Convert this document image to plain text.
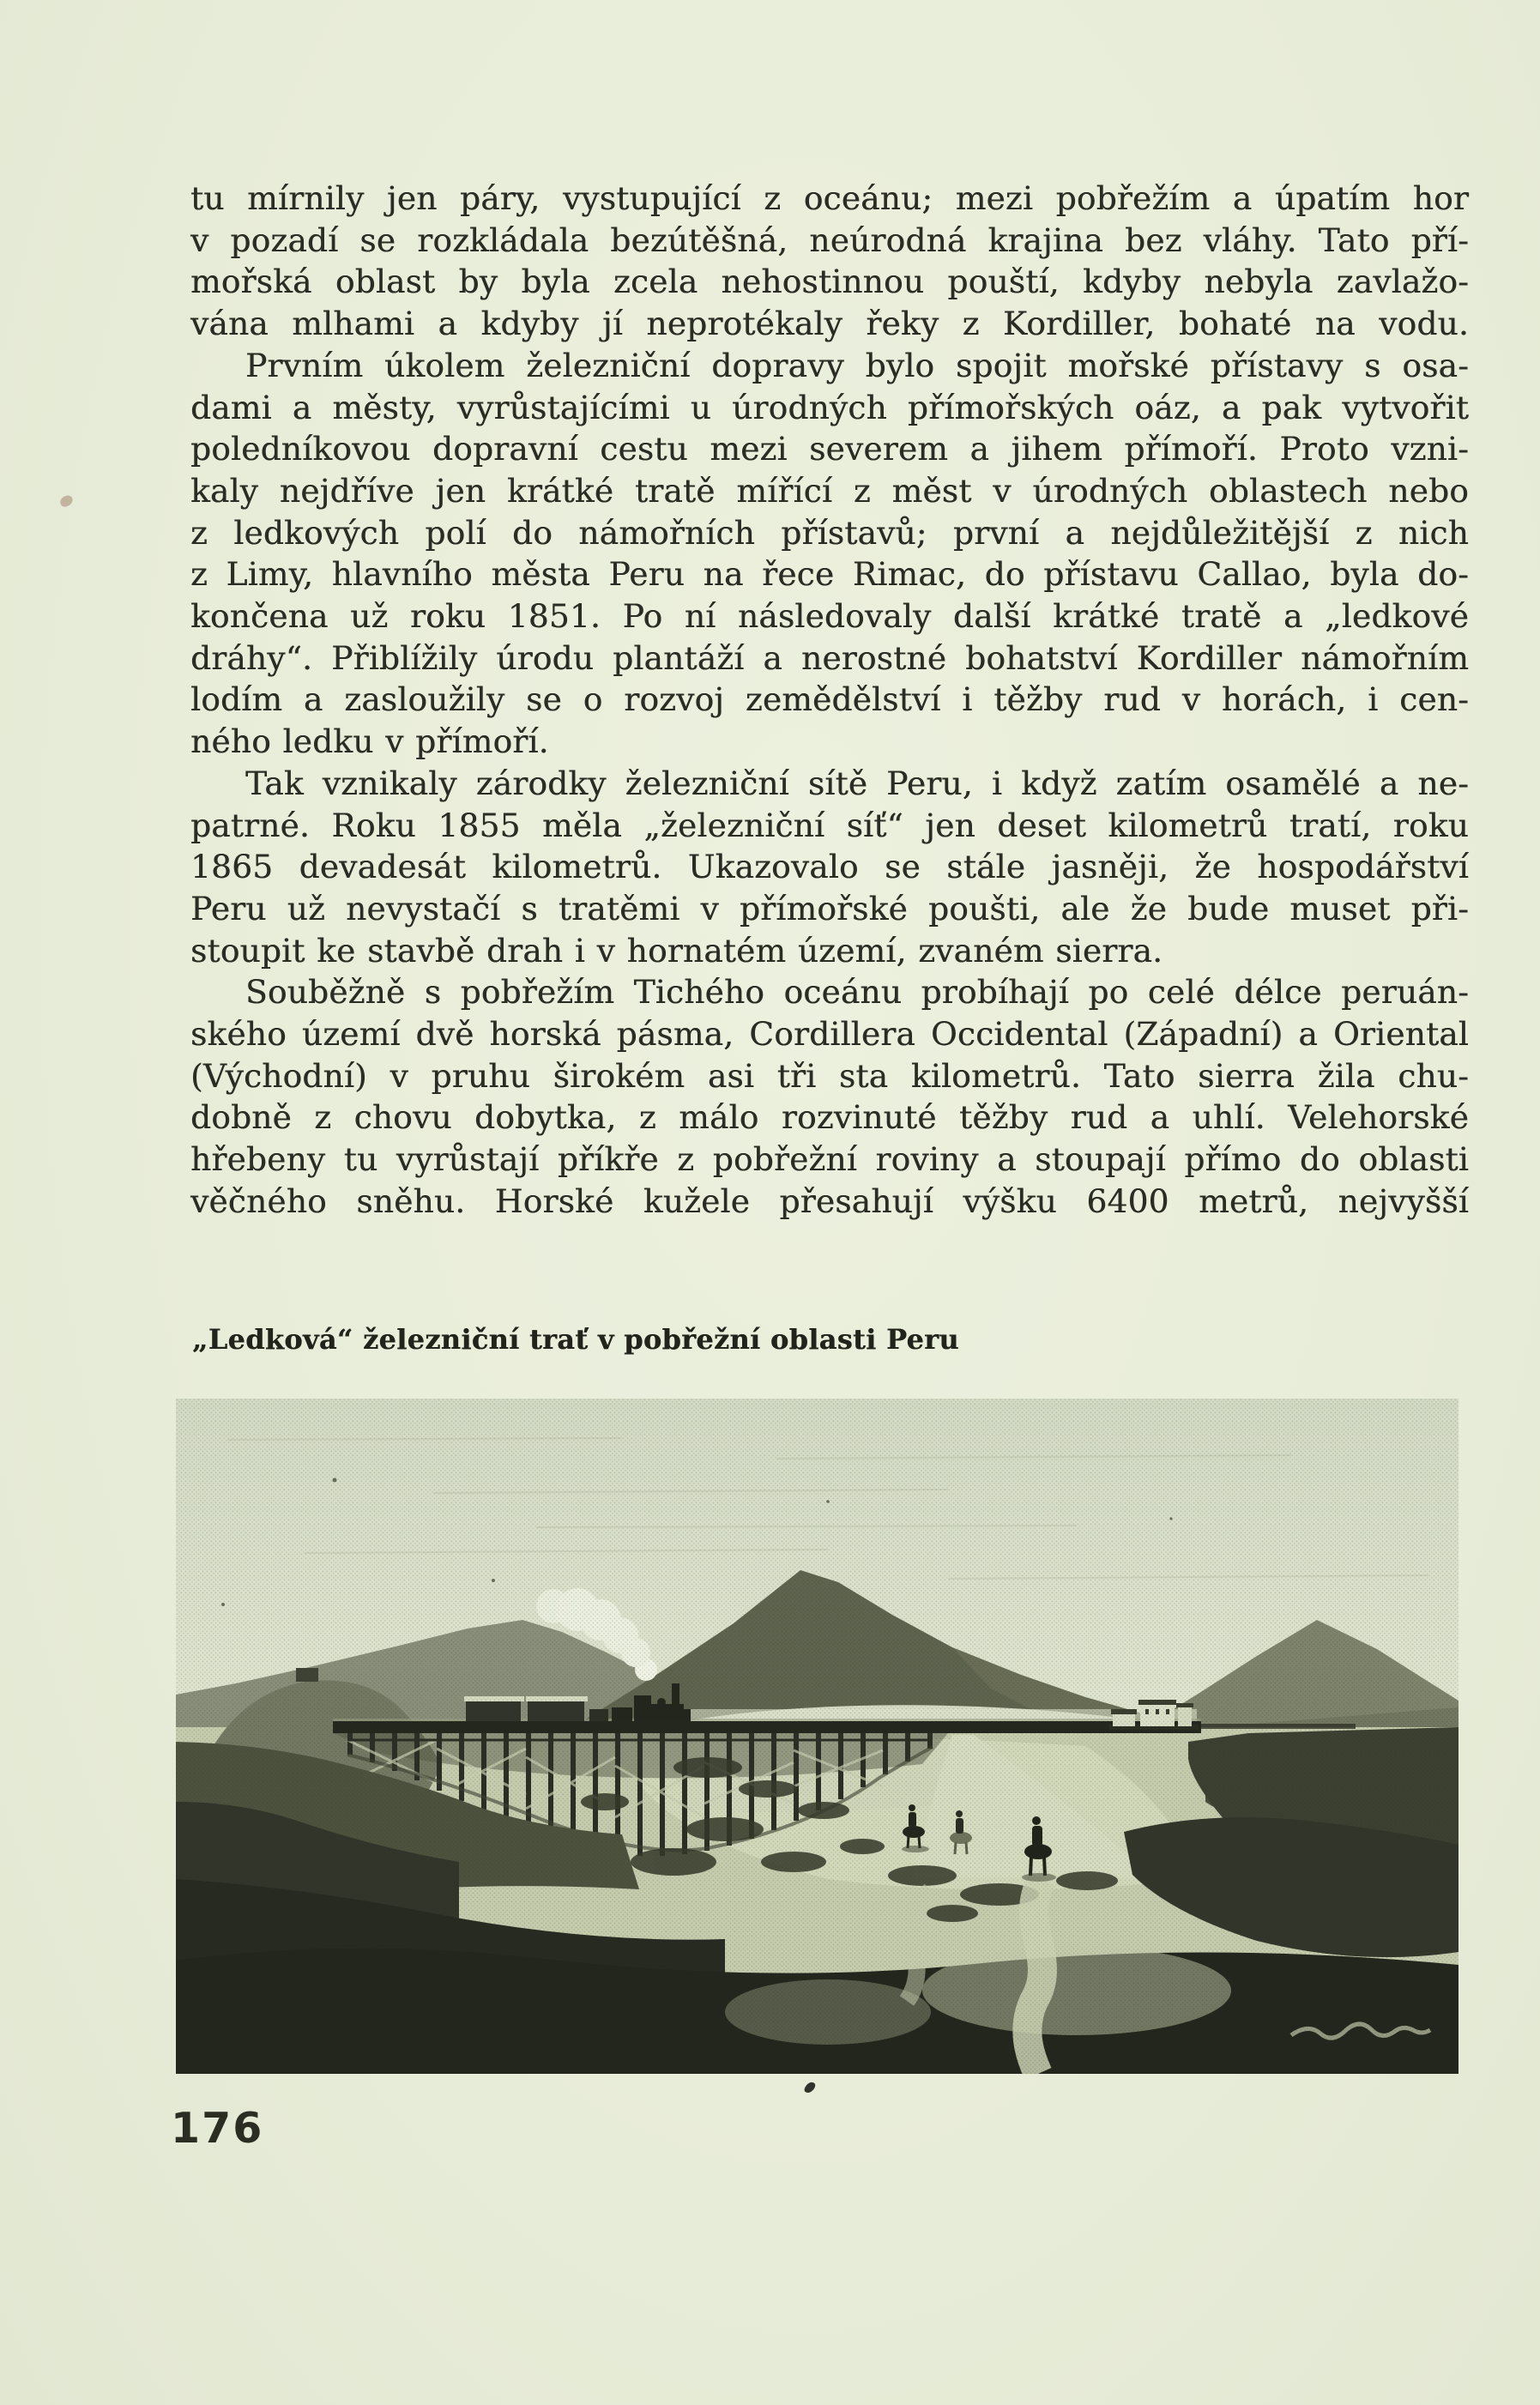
tu mírnily jen páry, vystupující z oceánu; mezi pobřežím a úpatím hor
v pozadí se rozkládala bezútěšná, neúrodná krajina bez vláhy. Tato pří-
mořská oblast by byla zcela nehostinnou pouští, kdyby nebyla zavlažo-
vána mlhami a kdyby jí neprotékaly řeky z Kordiller, bohaté na vodu.
Prvním úkolem železniční dopravy bylo spojit mořské přístavy s osa-
dami a městy, vyrůstajícími u úrodných přímořských oáz, a pak vytvořit
poledníkovou dopravní cestu mezi severem a jihem přímoří. Proto vzni-
kaly nejdříve jen krátké tratě mířící z měst v úrodných oblastech nebo
z ledkových polí do námořních přístavů; první a nejdůležitější z nich
z Limy, hlavního města Peru na řece Rimac, do přístavu Callao, byla do-
končena už roku 1851. Po ní následovaly další krátké tratě a „ledkové
dráhy“. Přiblížily úrodu plantáží a nerostné bohatství Kordiller námořním
lodím a zasloužily se o rozvoj zemědělství i těžby rud v horách, i cen-
ného ledku v přímoří.
Tak vznikaly zárodky železniční sítě Peru, i když zatím osamělé a ne-
patrné. Roku 1855 měla „železniční síť“ jen deset kilometrů tratí, roku
1865 devadesát kilometrů. Ukazovalo se stále jasněji, že hospodářství
Peru už nevystačí s tratěmi v přímořské poušti, ale že bude muset při-
stoupit ke stavbě drah i v hornatém území, zvaném sierra.
Souběžně s pobřežím Tichého oceánu probíhají po celé délce peruán-
ského území dvě horská pásma, Cordillera Occidental (Západní) a Oriental
(Východní) v pruhu širokém asi tři sta kilometrů. Tato sierra žila chu-
dobně z chovu dobytka, z málo rozvinuté těžby rud a uhlí. Velehorské
hřebeny tu vyrůstají příkře z pobřežní roviny a stoupají přímo do oblasti
věčného sněhu. Horské kužele přesahují výšku 6400 metrů, nejvyšší
„Ledková“ železniční trať v pobřežní oblasti Peru
176
